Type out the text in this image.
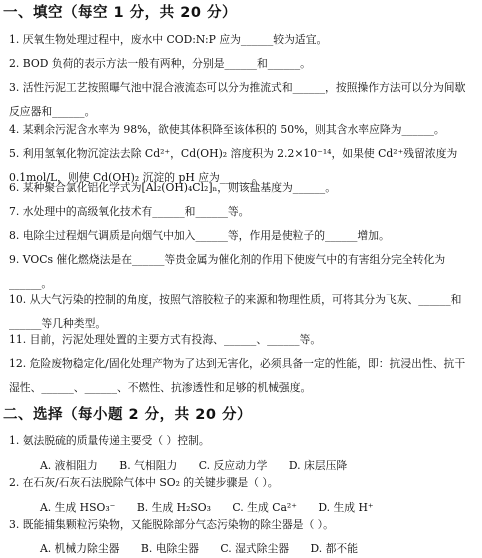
一、填空（每空 1 分，共 20 分）
1. 厌氧生物处理过程中，废水中 COD:N:P 应为______较为适宜。
2. BOD 负荷的表示方法一般有两种，分别是______和______。
3. 活性污泥工艺按照曝气池中混合液流态可以分为推流式和______，按照操作方法可以分为间歇反应器和______。
4. 某剩余污泥含水率为 98%，欲使其体积降至该体积的 50%，则其含水率应降为______。
5. 利用氢氧化物沉淀法去除 Cd²⁺，Cd(OH)₂ 溶度积为 2.2×10⁻¹⁴，如果使 Cd²⁺残留浓度为 0.1mol/L，则使 Cd(OH)₂ 沉淀的 pH 应为______。
6. 某种聚合氯化铝化学式为[Al₂(OH)₄Cl₂]ₙ，则该盐基度为______。
7. 水处理中的高级氧化技术有______和______等。
8. 电除尘过程烟气调质是向烟气中加入______等，作用是使粒子的______增加。
9. VOCs 催化燃烧法是在______等贵金属为催化剂的作用下使废气中的有害组分完全转化为______。
10. 从大气污染的控制的角度，按照气溶胶粒子的来源和物理性质，可将其分为飞灰、______和______等几种类型。
11. 目前，污泥处理处置的主要方式有投海、______、______等。
12. 危险废物稳定化/固化处理产物为了达到无害化，必须具备一定的性能，即：抗浸出性、抗干湿性、______、______、不燃性、抗渗透性和足够的机械强度。
二、选择（每小题 2 分，共 20 分）
1. 氨法脱硫的质量传递主要受（ ）控制。
A. 液相阻力 B. 气相阻力 C. 反应动力学 D. 床层压降
2. 在石灰/石灰石法脱除气体中 SO₂ 的关键步骤是（ ）。
A. 生成 HSO₃⁻ B. 生成 H₂SO₃ C. 生成 Ca²⁺ D. 生成 H⁺
3. 既能捕集颗粒污染物，又能脱除部分气态污染物的除尘器是（ ）。
A. 机械力除尘器 B. 电除尘器 C. 湿式除尘器 D. 都不能
